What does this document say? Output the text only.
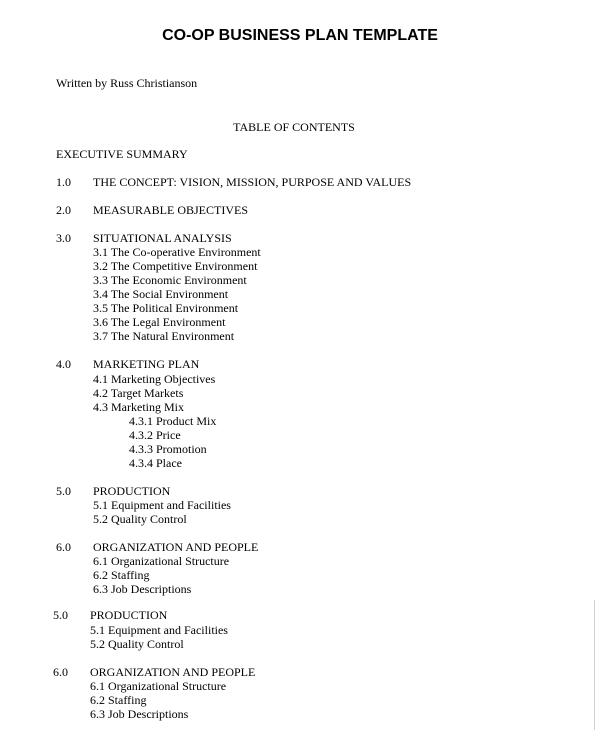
CO-OP BUSINESS PLAN TEMPLATE
Written by Russ Christianson
TABLE OF CONTENTS
EXECUTIVE SUMMARY
1.0 THE CONCEPT: VISION, MISSION, PURPOSE AND VALUES
2.0 MEASURABLE OBJECTIVES
3.0 SITUATIONAL ANALYSIS
3.1 The Co-operative Environment
3.2 The Competitive Environment
3.3 The Economic Environment
3.4 The Social Environment
3.5 The Political Environment
3.6 The Legal Environment
3.7 The Natural Environment
4.0 MARKETING PLAN
4.1 Marketing Objectives
4.2 Target Markets
4.3 Marketing Mix
4.3.1 Product Mix
4.3.2 Price
4.3.3 Promotion
4.3.4 Place
5.0 PRODUCTION
5.1 Equipment and Facilities
5.2 Quality Control
6.0 ORGANIZATION AND PEOPLE
6.1 Organizational Structure
6.2 Staffing
6.3 Job Descriptions
5.0 PRODUCTION
5.1 Equipment and Facilities
5.2 Quality Control
6.0 ORGANIZATION AND PEOPLE
6.1 Organizational Structure
6.2 Staffing
6.3 Job Descriptions
